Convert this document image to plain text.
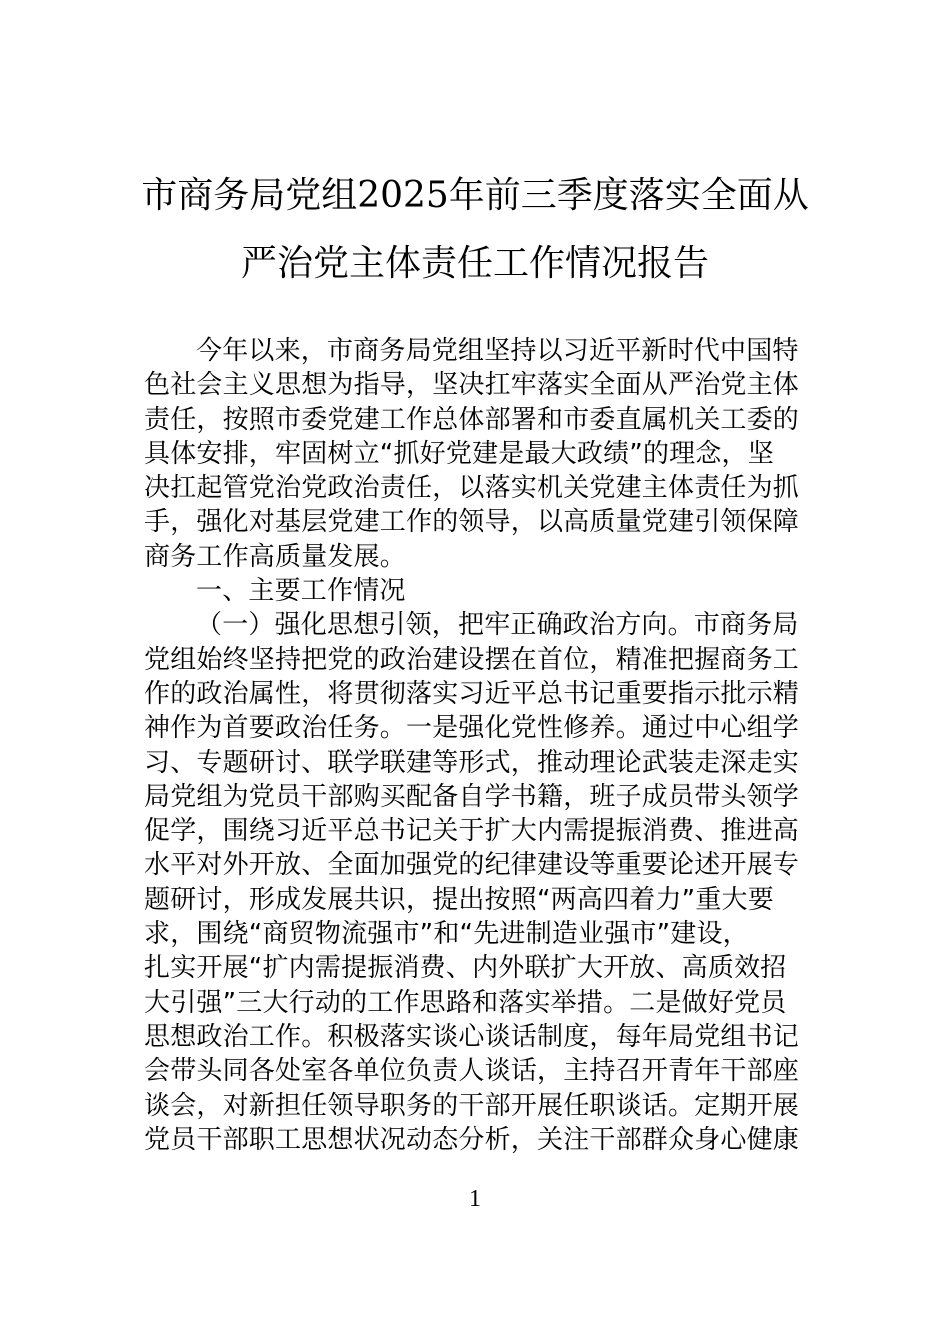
市商务局党组2025年前三季度落实全面从
严治党主体责任工作情况报告
今年以来，市商务局党组坚持以习近平新时代中国特
色社会主义思想为指导，坚决扛牢落实全面从严治党主体
责任，按照市委党建工作总体部署和市委直属机关工委的
具体安排，牢固树立“抓好党建是最大政绩”的理念，坚
决扛起管党治党政治责任，以落实机关党建主体责任为抓
手，强化对基层党建工作的领导，以高质量党建引领保障
商务工作高质量发展。
一、主要工作情况
（一）强化思想引领，把牢正确政治方向。市商务局
党组始终坚持把党的政治建设摆在首位，精准把握商务工
作的政治属性，将贯彻落实习近平总书记重要指示批示精
神作为首要政治任务。一是强化党性修养。通过中心组学
习、专题研讨、联学联建等形式，推动理论武装走深走实
局党组为党员干部购买配备自学书籍，班子成员带头领学
促学，围绕习近平总书记关于扩大内需提振消费、推进高
水平对外开放、全面加强党的纪律建设等重要论述开展专
题研讨，形成发展共识，提出按照“两高四着力”重大要
求，围绕“商贸物流强市”和“先进制造业强市”建设，
扎实开展“扩内需提振消费、内外联扩大开放、高质效招
大引强”三大行动的工作思路和落实举措。二是做好党员
思想政治工作。积极落实谈心谈话制度，每年局党组书记
会带头同各处室各单位负责人谈话，主持召开青年干部座
谈会，对新担任领导职务的干部开展任职谈话。定期开展
党员干部职工思想状况动态分析，关注干部群众身心健康
1
